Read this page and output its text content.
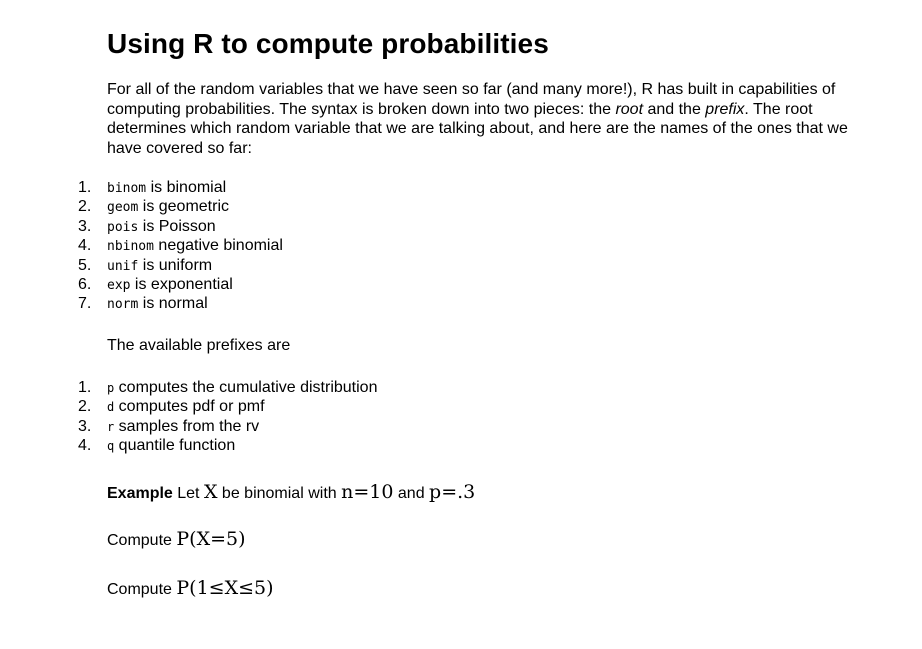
Using R to compute probabilities

For all of the random variables that we have seen so far (and many more!), R has built in capabilities of computing probabilities. The syntax is broken down into two pieces: the root and the prefix. The root determines which random variable that we are talking about, and here are the names of the ones that we have covered so far:

1.	binom is binomial
2.	geom is geometric
3.	pois is Poisson
4.	nbinom negative binomial
5.	unif is uniform
6.	exp is exponential
7.	norm is normal

The available prefixes are

1.	p computes the cumulative distribution
2.	d computes pdf or pmf
3.	r samples from the rv
4.	q quantile function

Example Let X be binomial with n=10 and p=.3

Compute P(X=5)

Compute P(1≤X≤5)
